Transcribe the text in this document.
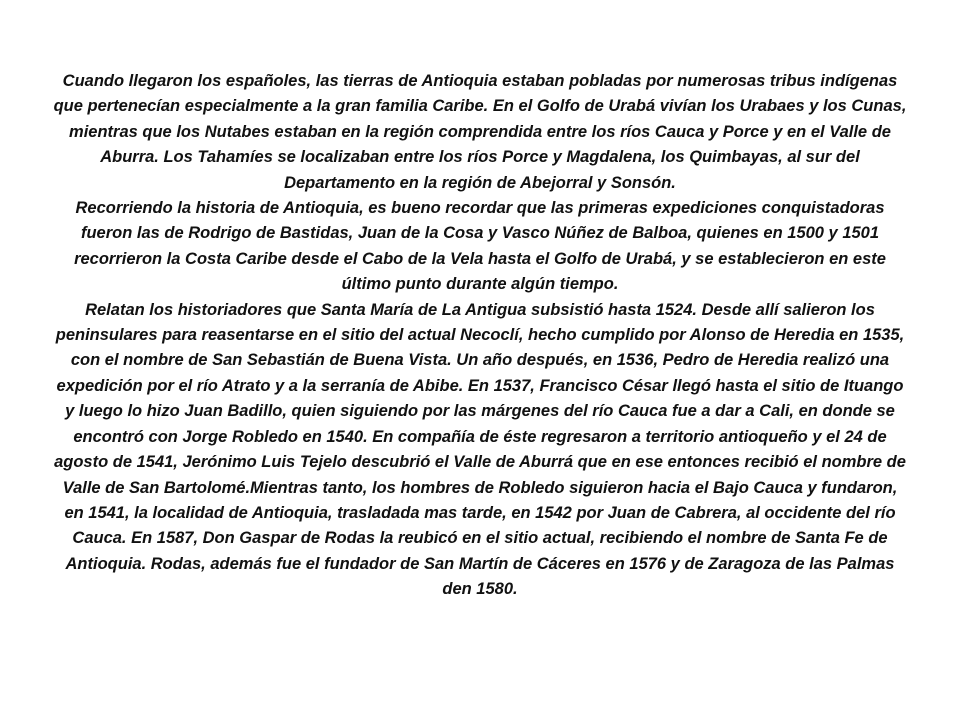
Cuando llegaron los españoles, las tierras de Antioquia estaban pobladas por numerosas tribus indígenas que pertenecían especialmente a la gran familia Caribe. En el Golfo de Urabá vivían los Urabaes y los Cunas, mientras que los Nutabes estaban en la región comprendida entre los ríos Cauca y Porce y en el Valle de Aburra. Los Tahamíes se localizaban entre los ríos Porce y Magdalena, los Quimbayas, al sur del Departamento en la región de Abejorral y Sonsón.

Recorriendo la historia de Antioquia, es bueno recordar que las primeras expediciones conquistadoras fueron las de Rodrigo de Bastidas, Juan de la Cosa y Vasco Núñez de Balboa, quienes en 1500 y 1501 recorrieron la Costa Caribe desde el Cabo de la Vela hasta el Golfo de Urabá, y se establecieron en este último punto durante algún tiempo.

Relatan los historiadores que Santa María de La Antigua subsistió hasta 1524. Desde allí salieron los peninsulares para reasentarse en el sitio del actual Necoclí, hecho cumplido por Alonso de Heredia en 1535, con el nombre de San Sebastián de Buena Vista. Un año después, en 1536, Pedro de Heredia realizó una expedición por el río Atrato y a la serranía de Abibe. En 1537, Francisco César llegó hasta el sitio de Ituango y luego lo hizo Juan Badillo, quien siguiendo por las márgenes del río Cauca fue a dar a Cali, en donde se encontró con Jorge Robledo en 1540. En compañía de éste regresaron a territorio antioqueño y el 24 de agosto de 1541, Jerónimo Luis Tejelo descubrió el Valle de Aburrá que en ese entonces recibió el nombre de Valle de San Bartolomé.Mientras tanto, los hombres de Robledo siguieron hacia el Bajo Cauca y fundaron, en 1541, la localidad de Antioquia, trasladada mas tarde, en 1542 por Juan de Cabrera, al occidente del río Cauca. En 1587, Don Gaspar de Rodas la reubicó en el sitio actual, recibiendo el nombre de Santa Fe de Antioquia. Rodas, además fue el fundador de San Martín de Cáceres en 1576 y de Zaragoza de las Palmas den 1580.
